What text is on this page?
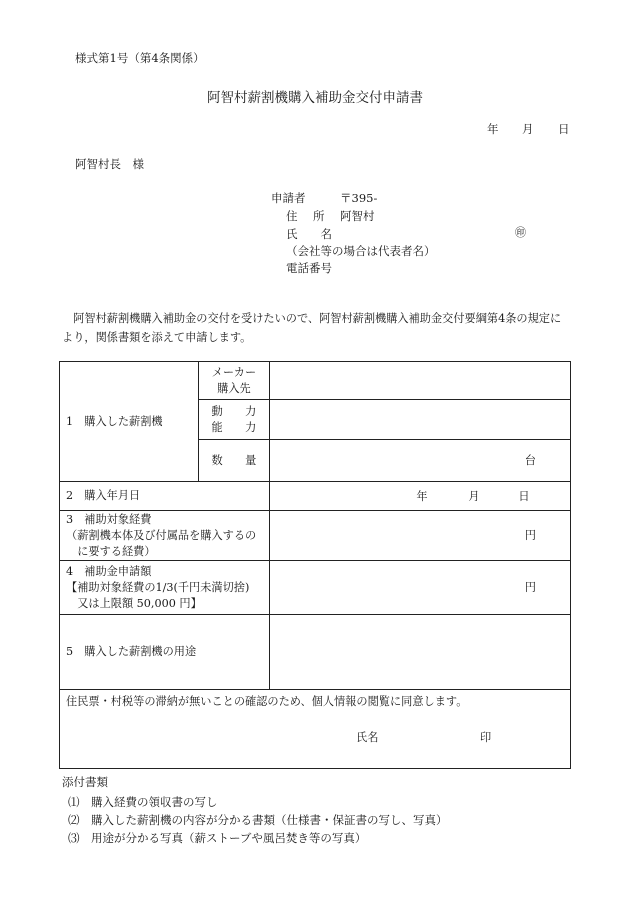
様式第1号（第4条関係）
阿智村薪割機購入補助金交付申請書
年 月 日
阿智村長　様
申請者	〒395-
住　所 阿智村
氏　　名	㊞
（会社等の場合は代表者名）
電話番号
　阿智村薪割機購入補助金の交付を受けたいので、阿智村薪割機購入補助金交付要綱第4条の規定により，関係書類を添えて申請します。
1　購入した薪割機	メーカー
購入先	

	動　　力
能　　力	

	数　　量	台
2　購入年月日		年 月 日

3　補助対象経費
（薪割機本体及び付属品を購入するの
　に要する経費）		円

4　補助金申請額
【補助対象経費の1/3(千円未満切捨)
　又は上限額 50,000 円】		円
5　購入した薪割機の用途		
住民票・村税等の滞納が無いことの確認のため、個人情報の閲覧に同意します。
氏名 印		
添付書類
⑴　購入経費の領収書の写し
⑵　購入した薪割機の内容が分かる書類（仕様書・保証書の写し、写真）
⑶　用途が分かる写真（薪ストーブや風呂焚き等の写真）
